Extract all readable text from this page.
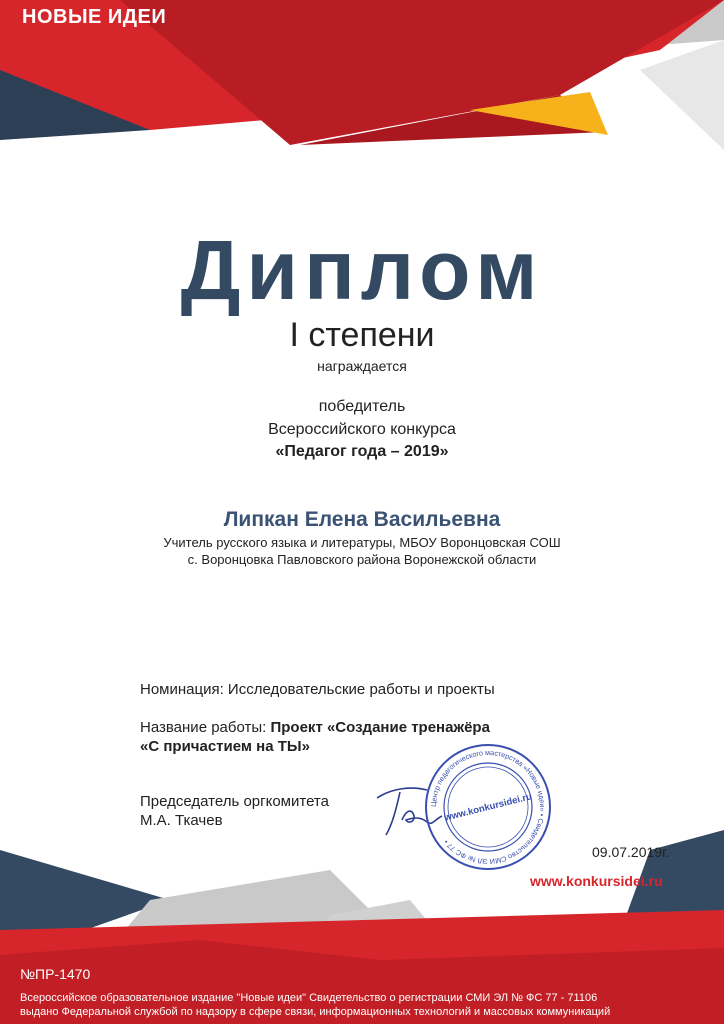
НОВЫЕ ИДЕИ
Диплом
I степени
награждается
победитель
Всероссийского конкурса
«Педагог года – 2019»
Липкан Елена Васильевна
Учитель русского языка и литературы, МБОУ Воронцовская СОШ
с. Воронцовка Павловского района Воронежской области
Номинация: Исследовательские работы и проекты
Название работы: Проект «Создание тренажёра
«С причастием на ТЫ»
Председатель оргкомитета
М.А. Ткачев
Центр педагогического мастерства «Новые идеи» • Свидетельство СМИ ЭЛ № ФС 77 •
www.konkursidei.ru
09.07.2019г.
www.konkursidei.ru
№ПР-1470
Всероссийское образовательное издание "Новые идеи" Свидетельство о регистрации СМИ ЭЛ № ФС 77 - 71106
выдано Федеральной службой по надзору в сфере связи, информационных технологий и массовых коммуникаций
